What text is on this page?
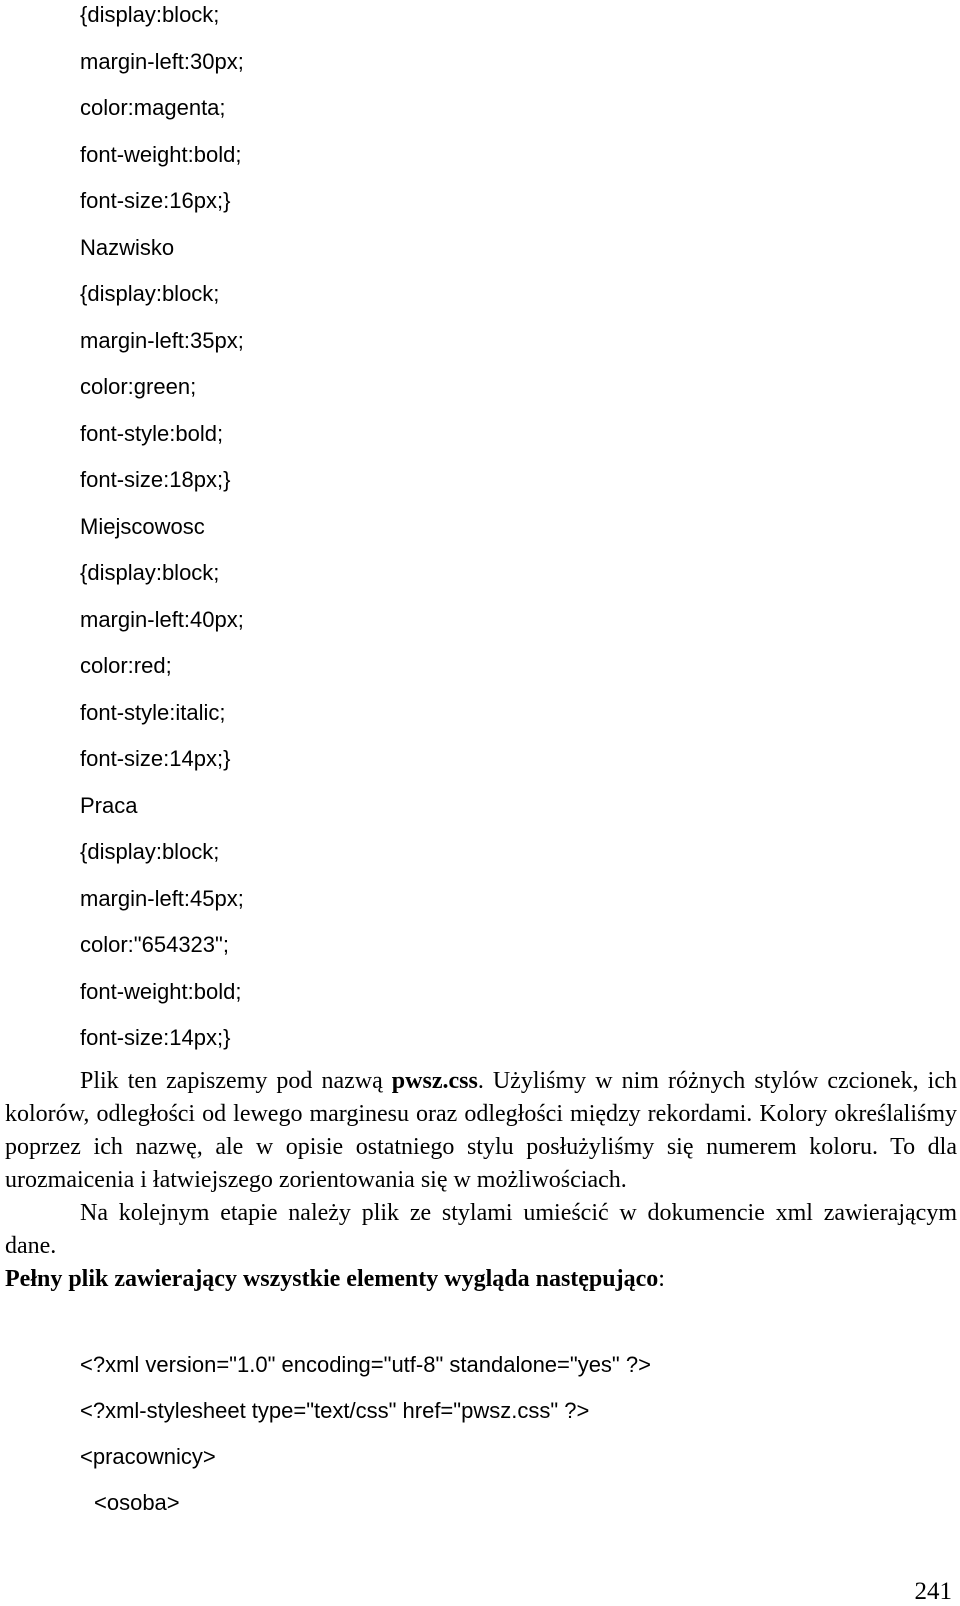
{display:block;
margin-left:30px;
color:magenta;
font-weight:bold;
font-size:16px;}
Nazwisko
{display:block;
margin-left:35px;
color:green;
font-style:bold;
font-size:18px;}
Miejscowosc
{display:block;
margin-left:40px;
color:red;
font-style:italic;
font-size:14px;}
Praca
{display:block;
margin-left:45px;
color:"654323";
font-weight:bold;
font-size:14px;}

Plik ten zapiszemy pod nazwą pwsz.css. Użyliśmy w nim różnych stylów czcionek, ich kolorów, odległości od lewego marginesu oraz odległości między rekordami. Kolory określaliśmy poprzez ich nazwę, ale w opisie ostatniego stylu posłużyliśmy się numerem koloru. To dla urozmaicenia i łatwiejszego zorientowania się w możliwościach.

Na kolejnym etapie należy plik ze stylami umieścić w dokumencie xml zawierającym dane.

Pełny plik zawierający wszystkie elementy wygląda następująco:

<?xml version="1.0" encoding="utf-8" standalone="yes" ?>
<?xml-stylesheet type="text/css" href="pwsz.css" ?>
<pracownicy>
<osoba>
241
